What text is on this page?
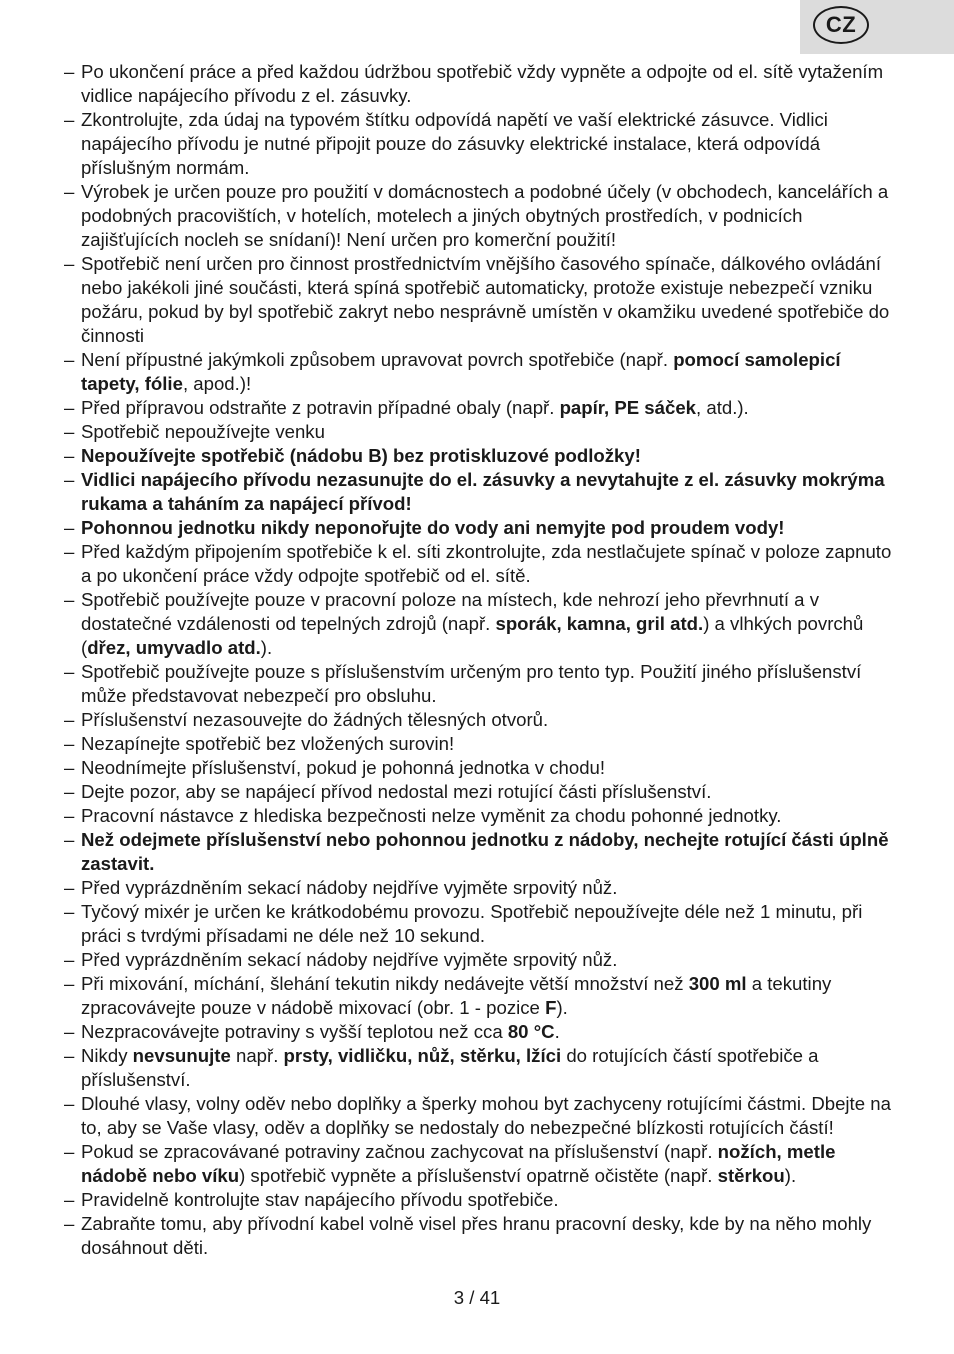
CZ
– Po ukončení práce a před každou údržbou spotřebič vždy vypněte a odpojte od el. sítě vytažením vidlice napájecího přívodu z el. zásuvky.
– Zkontrolujte, zda údaj na typovém štítku odpovídá napětí ve vaší elektrické zásuvce. Vidlici napájecího přívodu je nutné připojit pouze do zásuvky elektrické instalace, která odpovídá příslušným normám.
– Výrobek je určen pouze pro použití v domácnostech a podobné účely (v obchodech, kancelářích a podobných pracovištích, v hotelích, motelech a jiných obytných prostředích, v podnicích zajišťujících nocleh se snídaní)! Není určen pro komerční použití!
– Spotřebič není určen pro činnost prostřednictvím vnějšího časového spínače, dálkového ovládání nebo jakékoli jiné součásti, která spíná spotřebič automaticky, protože existuje nebezpečí vzniku požáru, pokud by byl spotřebič zakryt nebo nesprávně umístěn v okamžiku uvedené spotřebiče do činnosti
– Není přípustné jakýmkoli způsobem upravovat povrch spotřebiče (např. pomocí samolepicí tapety, fólie, apod.)!
– Před přípravou odstraňte z potravin případné obaly (např. papír, PE sáček, atd.).
– Spotřebič nepoužívejte venku
– Nepoužívejte spotřebič (nádobu B) bez protiskluzové podložky!
– Vidlici napájecího přívodu nezasunujte do el. zásuvky a nevytahujte z el. zásuvky mokrýma rukama a taháním za napájecí přívod!
– Pohonnou jednotku nikdy neponořujte do vody ani nemyjte pod proudem vody!
– Před každým připojením spotřebiče k el. síti zkontrolujte, zda nestlačujete spínač v poloze zapnuto a po ukončení práce vždy odpojte spotřebič od el. sítě.
– Spotřebič používejte pouze v pracovní poloze na místech, kde nehrozí jeho převrhnutí a v dostatečné vzdálenosti od tepelných zdrojů (např. sporák, kamna, gril atd.) a vlhkých povrchů (dřez, umyvadlo atd.).
– Spotřebič používejte pouze s příslušenstvím určeným pro tento typ. Použití jiného příslušenství může představovat nebezpečí pro obsluhu.
– Příslušenství nezasouvejte do žádných tělesných otvorů.
– Nezapínejte spotřebič bez vložených surovin!
– Neodnímejte příslušenství, pokud je pohonná jednotka v chodu!
– Dejte pozor, aby se napájecí přívod nedostal mezi rotující části příslušenství.
– Pracovní nástavce z hlediska bezpečnosti nelze vyměnit za chodu pohonné jednotky.
– Než odejmete příslušenství nebo pohonnou jednotku z nádoby, nechejte rotující části úplně zastavit.
– Před vyprázdněním sekací nádoby nejdříve vyjměte srpovitý nůž.
– Tyčový mixér je určen ke krátkodobému provozu. Spotřebič nepoužívejte déle než 1 minutu, při práci s tvrdými přísadami ne déle než 10 sekund.
– Před vyprázdněním sekací nádoby nejdříve vyjměte srpovitý nůž.
– Při mixování, míchání, šlehání tekutin nikdy nedávejte větší množství než 300 ml a tekutiny zpracovávejte pouze v nádobě mixovací (obr. 1 - pozice F).
– Nezpracovávejte potraviny s vyšší teplotou než cca 80 °C.
– Nikdy nevsunujte např. prsty, vidličku, nůž, stěrku, lžíci do rotujících částí spotřebiče a příslušenství.
– Dlouhé vlasy, volny oděv nebo doplňky a šperky mohou byt zachyceny rotujícími částmi. Dbejte na to, aby se Vaše vlasy, oděv a doplňky se nedostaly do nebezpečné blízkosti rotujících částí!
– Pokud se zpracovávané potraviny začnou zachycovat na příslušenství (např. nožích, metle nádobě nebo víku) spotřebič vypněte a příslušenství opatrně očistěte (např. stěrkou).
– Pravidelně kontrolujte stav napájecího přívodu spotřebiče.
– Zabraňte tomu, aby přívodní kabel volně visel přes hranu pracovní desky, kde by na něho mohly dosáhnout děti.
3 / 41
